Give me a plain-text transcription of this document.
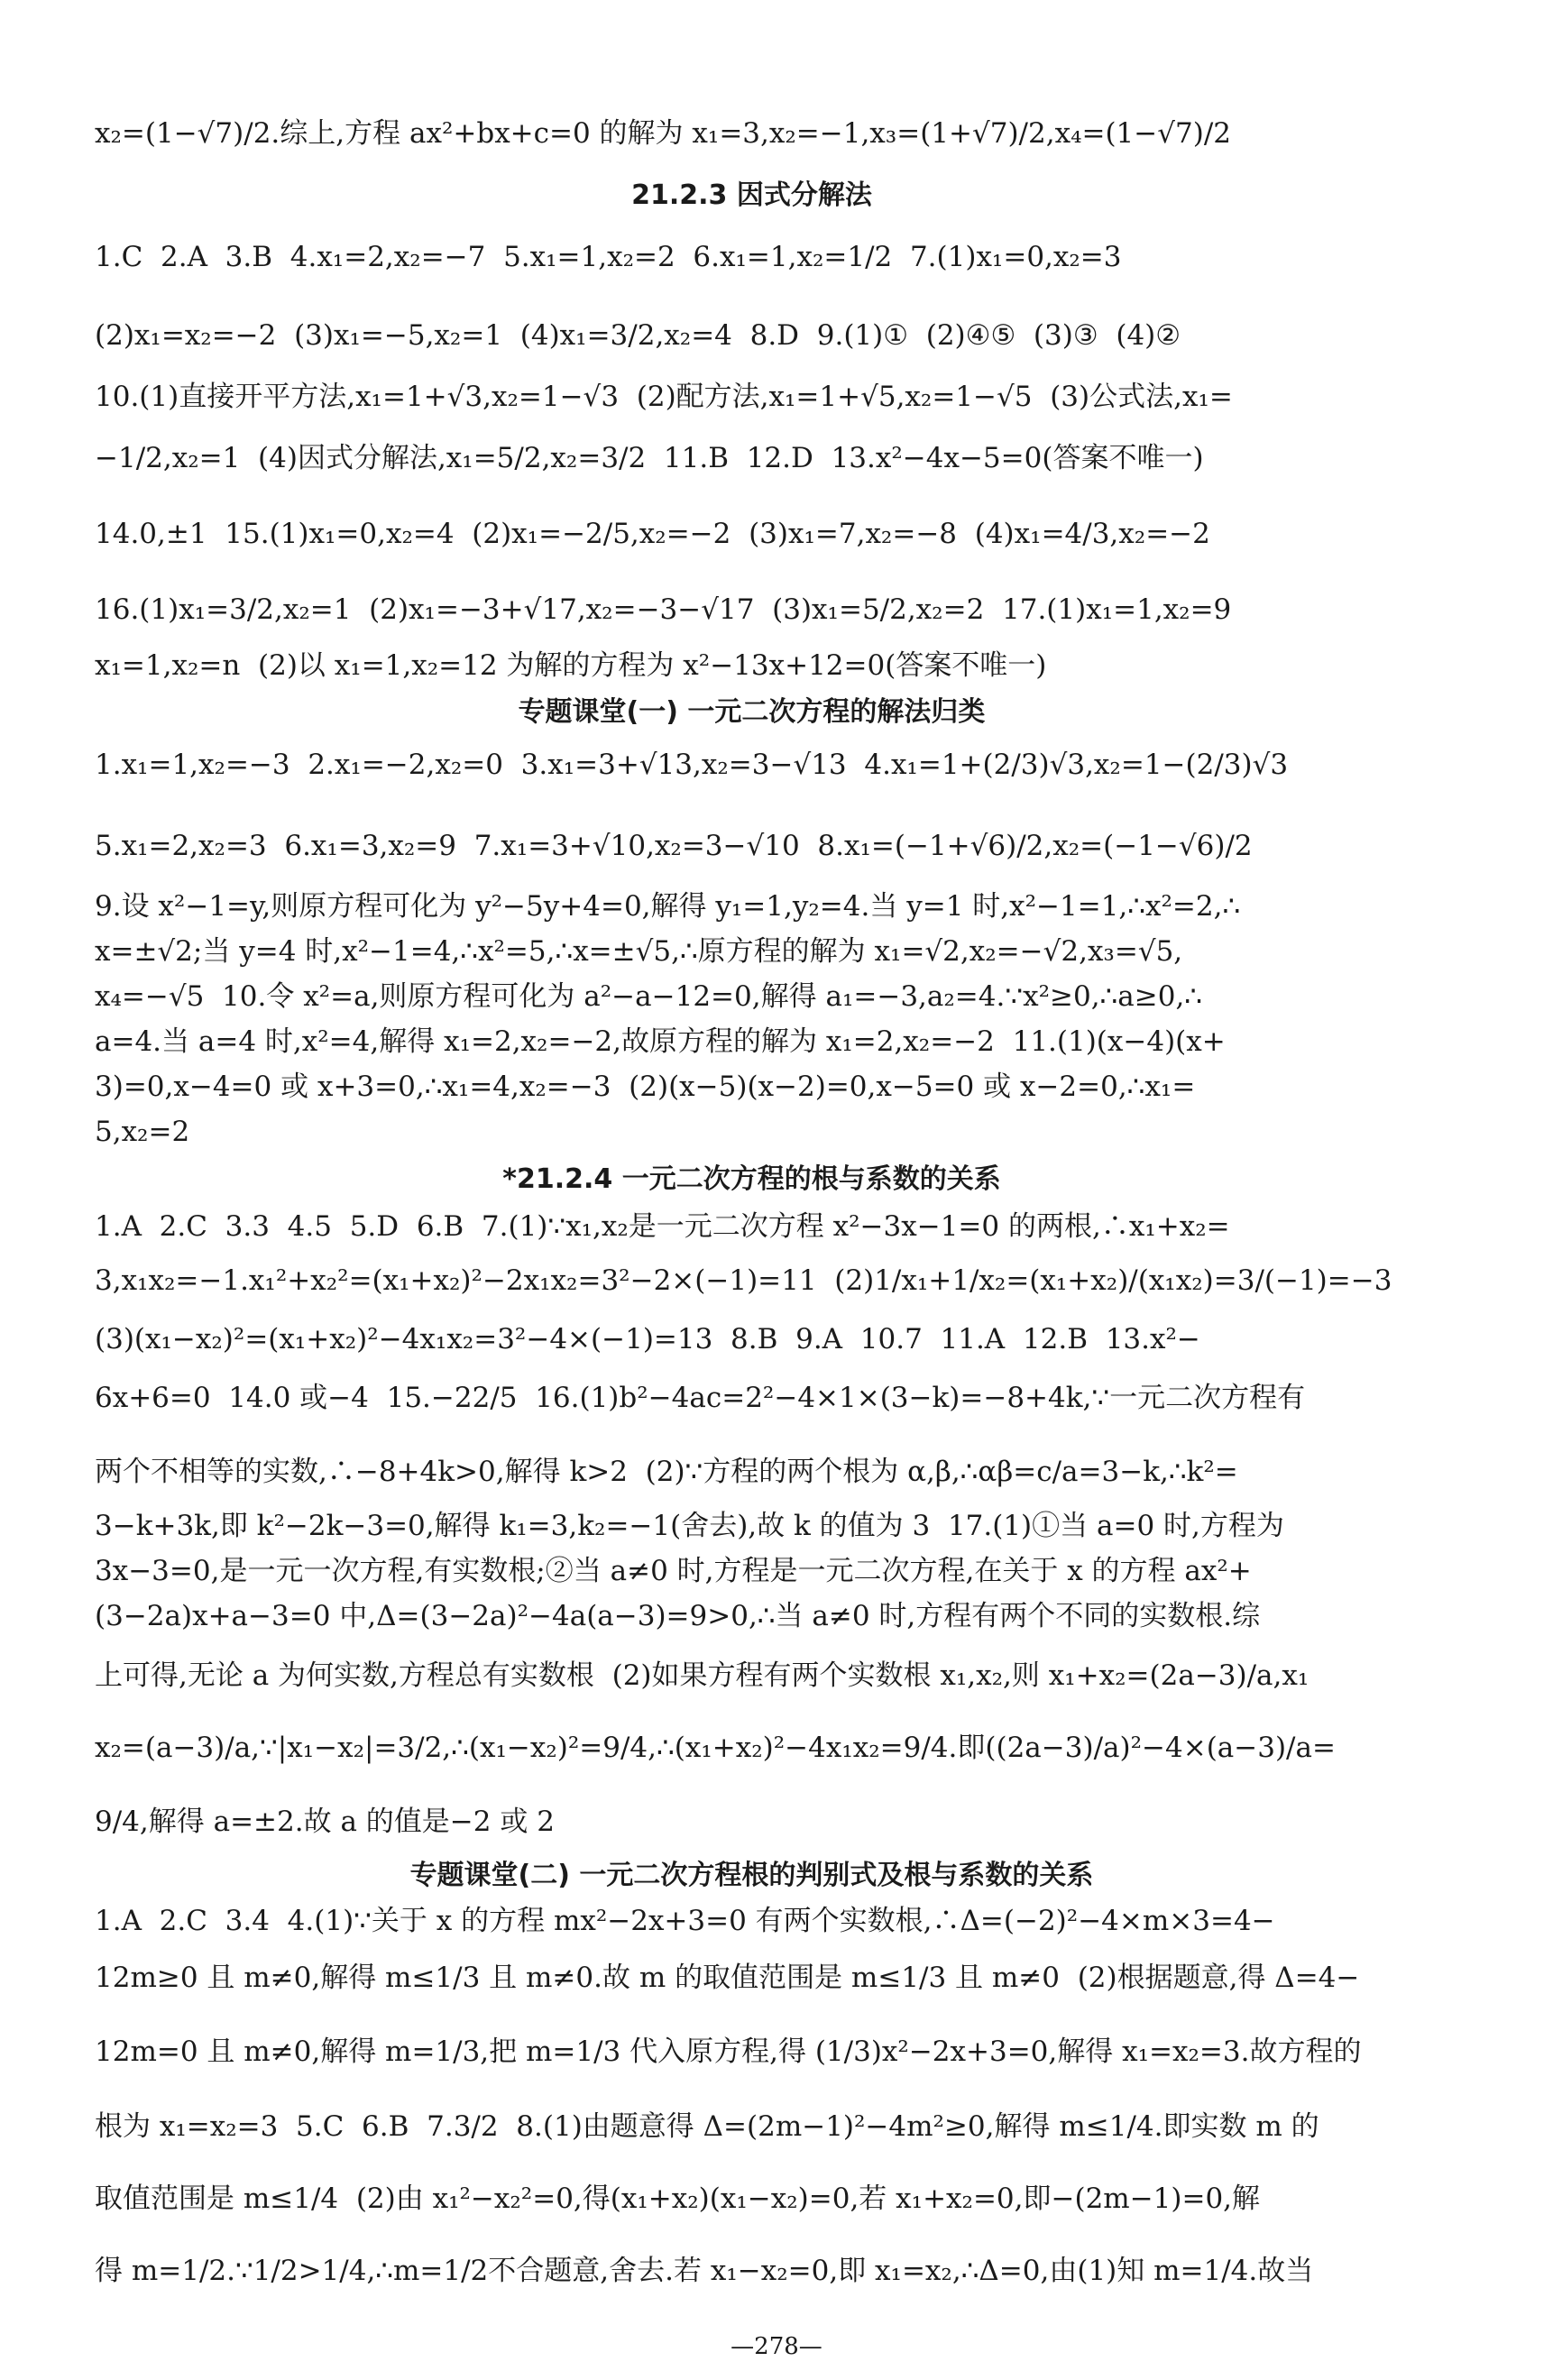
x₂=(1−√7)/2.综上,方程 ax²+bx+c=0 的解为 x₁=3,x₂=−1,x₃=(1+√7)/2,x₄=(1−√7)/2
21.2.3 因式分解法
1.C  2.A  3.B  4.x₁=2,x₂=−7  5.x₁=1,x₂=2  6.x₁=1,x₂=1/2  7.(1)x₁=0,x₂=3
(2)x₁=x₂=−2  (3)x₁=−5,x₂=1  (4)x₁=3/2,x₂=4  8.D  9.(1)①  (2)④⑤  (3)③  (4)②
10.(1)直接开平方法,x₁=1+√3,x₂=1−√3  (2)配方法,x₁=1+√5,x₂=1−√5  (3)公式法,x₁=
−1/2,x₂=1  (4)因式分解法,x₁=5/2,x₂=3/2  11.B  12.D  13.x²−4x−5=0(答案不唯一)
14.0,±1  15.(1)x₁=0,x₂=4  (2)x₁=−2/5,x₂=−2  (3)x₁=7,x₂=−8  (4)x₁=4/3,x₂=−2
16.(1)x₁=3/2,x₂=1  (2)x₁=−3+√17,x₂=−3−√17  (3)x₁=5/2,x₂=2  17.(1)x₁=1,x₂=9
x₁=1,x₂=n  (2)以 x₁=1,x₂=12 为解的方程为 x²−13x+12=0(答案不唯一)
专题课堂(一) 一元二次方程的解法归类
1.x₁=1,x₂=−3  2.x₁=−2,x₂=0  3.x₁=3+√13,x₂=3−√13  4.x₁=1+(2/3)√3,x₂=1−(2/3)√3
5.x₁=2,x₂=3  6.x₁=3,x₂=9  7.x₁=3+√10,x₂=3−√10  8.x₁=(−1+√6)/2,x₂=(−1−√6)/2
9.设 x²−1=y,则原方程可化为 y²−5y+4=0,解得 y₁=1,y₂=4.当 y=1 时,x²−1=1,∴x²=2,∴
x=±√2;当 y=4 时,x²−1=4,∴x²=5,∴x=±√5,∴原方程的解为 x₁=√2,x₂=−√2,x₃=√5,
x₄=−√5  10.令 x²=a,则原方程可化为 a²−a−12=0,解得 a₁=−3,a₂=4.∵x²≥0,∴a≥0,∴
a=4.当 a=4 时,x²=4,解得 x₁=2,x₂=−2,故原方程的解为 x₁=2,x₂=−2  11.(1)(x−4)(x+
3)=0,x−4=0 或 x+3=0,∴x₁=4,x₂=−3  (2)(x−5)(x−2)=0,x−5=0 或 x−2=0,∴x₁=
5,x₂=2
*21.2.4 一元二次方程的根与系数的关系
1.A  2.C  3.3  4.5  5.D  6.B  7.(1)∵x₁,x₂是一元二次方程 x²−3x−1=0 的两根,∴x₁+x₂=
3,x₁x₂=−1.x₁²+x₂²=(x₁+x₂)²−2x₁x₂=3²−2×(−1)=11  (2)1/x₁+1/x₂=(x₁+x₂)/(x₁x₂)=3/(−1)=−3
(3)(x₁−x₂)²=(x₁+x₂)²−4x₁x₂=3²−4×(−1)=13  8.B  9.A  10.7  11.A  12.B  13.x²−
6x+6=0  14.0 或−4  15.−22/5  16.(1)b²−4ac=2²−4×1×(3−k)=−8+4k,∵一元二次方程有
两个不相等的实数,∴−8+4k>0,解得 k>2  (2)∵方程的两个根为 α,β,∴αβ=c/a=3−k,∴k²=
3−k+3k,即 k²−2k−3=0,解得 k₁=3,k₂=−1(舍去),故 k 的值为 3  17.(1)①当 a=0 时,方程为
3x−3=0,是一元一次方程,有实数根;②当 a≠0 时,方程是一元二次方程,在关于 x 的方程 ax²+
(3−2a)x+a−3=0 中,Δ=(3−2a)²−4a(a−3)=9>0,∴当 a≠0 时,方程有两个不同的实数根.综
上可得,无论 a 为何实数,方程总有实数根  (2)如果方程有两个实数根 x₁,x₂,则 x₁+x₂=(2a−3)/a,x₁
x₂=(a−3)/a,∵|x₁−x₂|=3/2,∴(x₁−x₂)²=9/4,∴(x₁+x₂)²−4x₁x₂=9/4.即((2a−3)/a)²−4×(a−3)/a=
9/4,解得 a=±2.故 a 的值是−2 或 2
专题课堂(二) 一元二次方程根的判别式及根与系数的关系
1.A  2.C  3.4  4.(1)∵关于 x 的方程 mx²−2x+3=0 有两个实数根,∴Δ=(−2)²−4×m×3=4−
12m≥0 且 m≠0,解得 m≤1/3 且 m≠0.故 m 的取值范围是 m≤1/3 且 m≠0  (2)根据题意,得 Δ=4−
12m=0 且 m≠0,解得 m=1/3,把 m=1/3 代入原方程,得 (1/3)x²−2x+3=0,解得 x₁=x₂=3.故方程的
根为 x₁=x₂=3  5.C  6.B  7.3/2  8.(1)由题意得 Δ=(2m−1)²−4m²≥0,解得 m≤1/4.即实数 m 的
取值范围是 m≤1/4  (2)由 x₁²−x₂²=0,得(x₁+x₂)(x₁−x₂)=0,若 x₁+x₂=0,即−(2m−1)=0,解
得 m=1/2.∵1/2>1/4,∴m=1/2不合题意,舍去.若 x₁−x₂=0,即 x₁=x₂,∴Δ=0,由(1)知 m=1/4.故当
—278—
